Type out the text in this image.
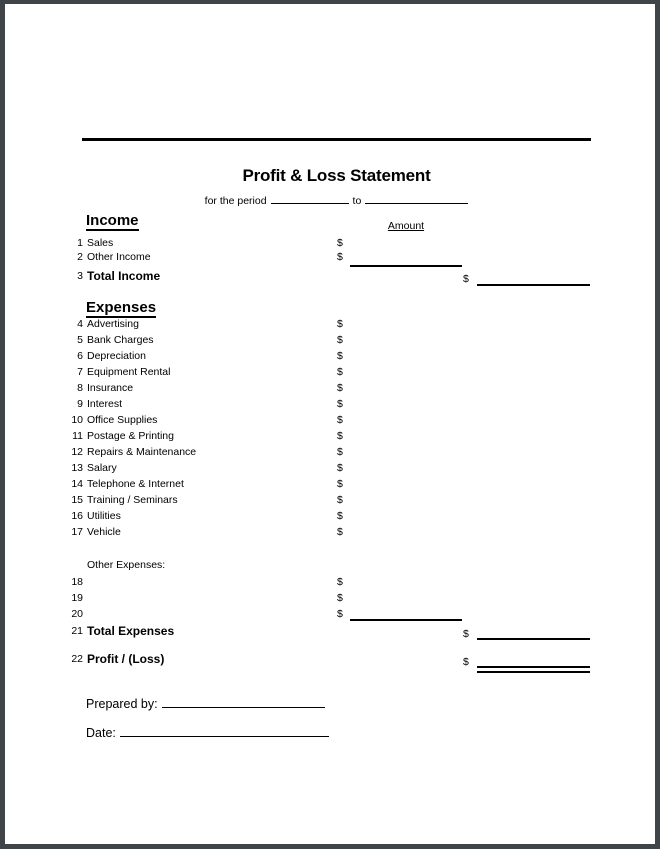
Profit & Loss Statement
for the period	to
Income	Amount
1 Sales	$
2 Other Income	$
3 Total Income	$
Expenses
4 Advertising	$
5 Bank Charges	$
6 Depreciation	$
7 Equipment Rental	$
8 Insurance	$
9 Interest	$
10 Office Supplies	$
11 Postage & Printing	$
12 Repairs & Maintenance	$
13 Salary	$
14 Telephone & Internet	$
15 Training / Seminars	$
16 Utilities	$
17 Vehicle	$
Other Expenses:
18	$
19	$
20	$
21 Total Expenses	$
22 Profit / (Loss)	$
Prepared by:
Date:
